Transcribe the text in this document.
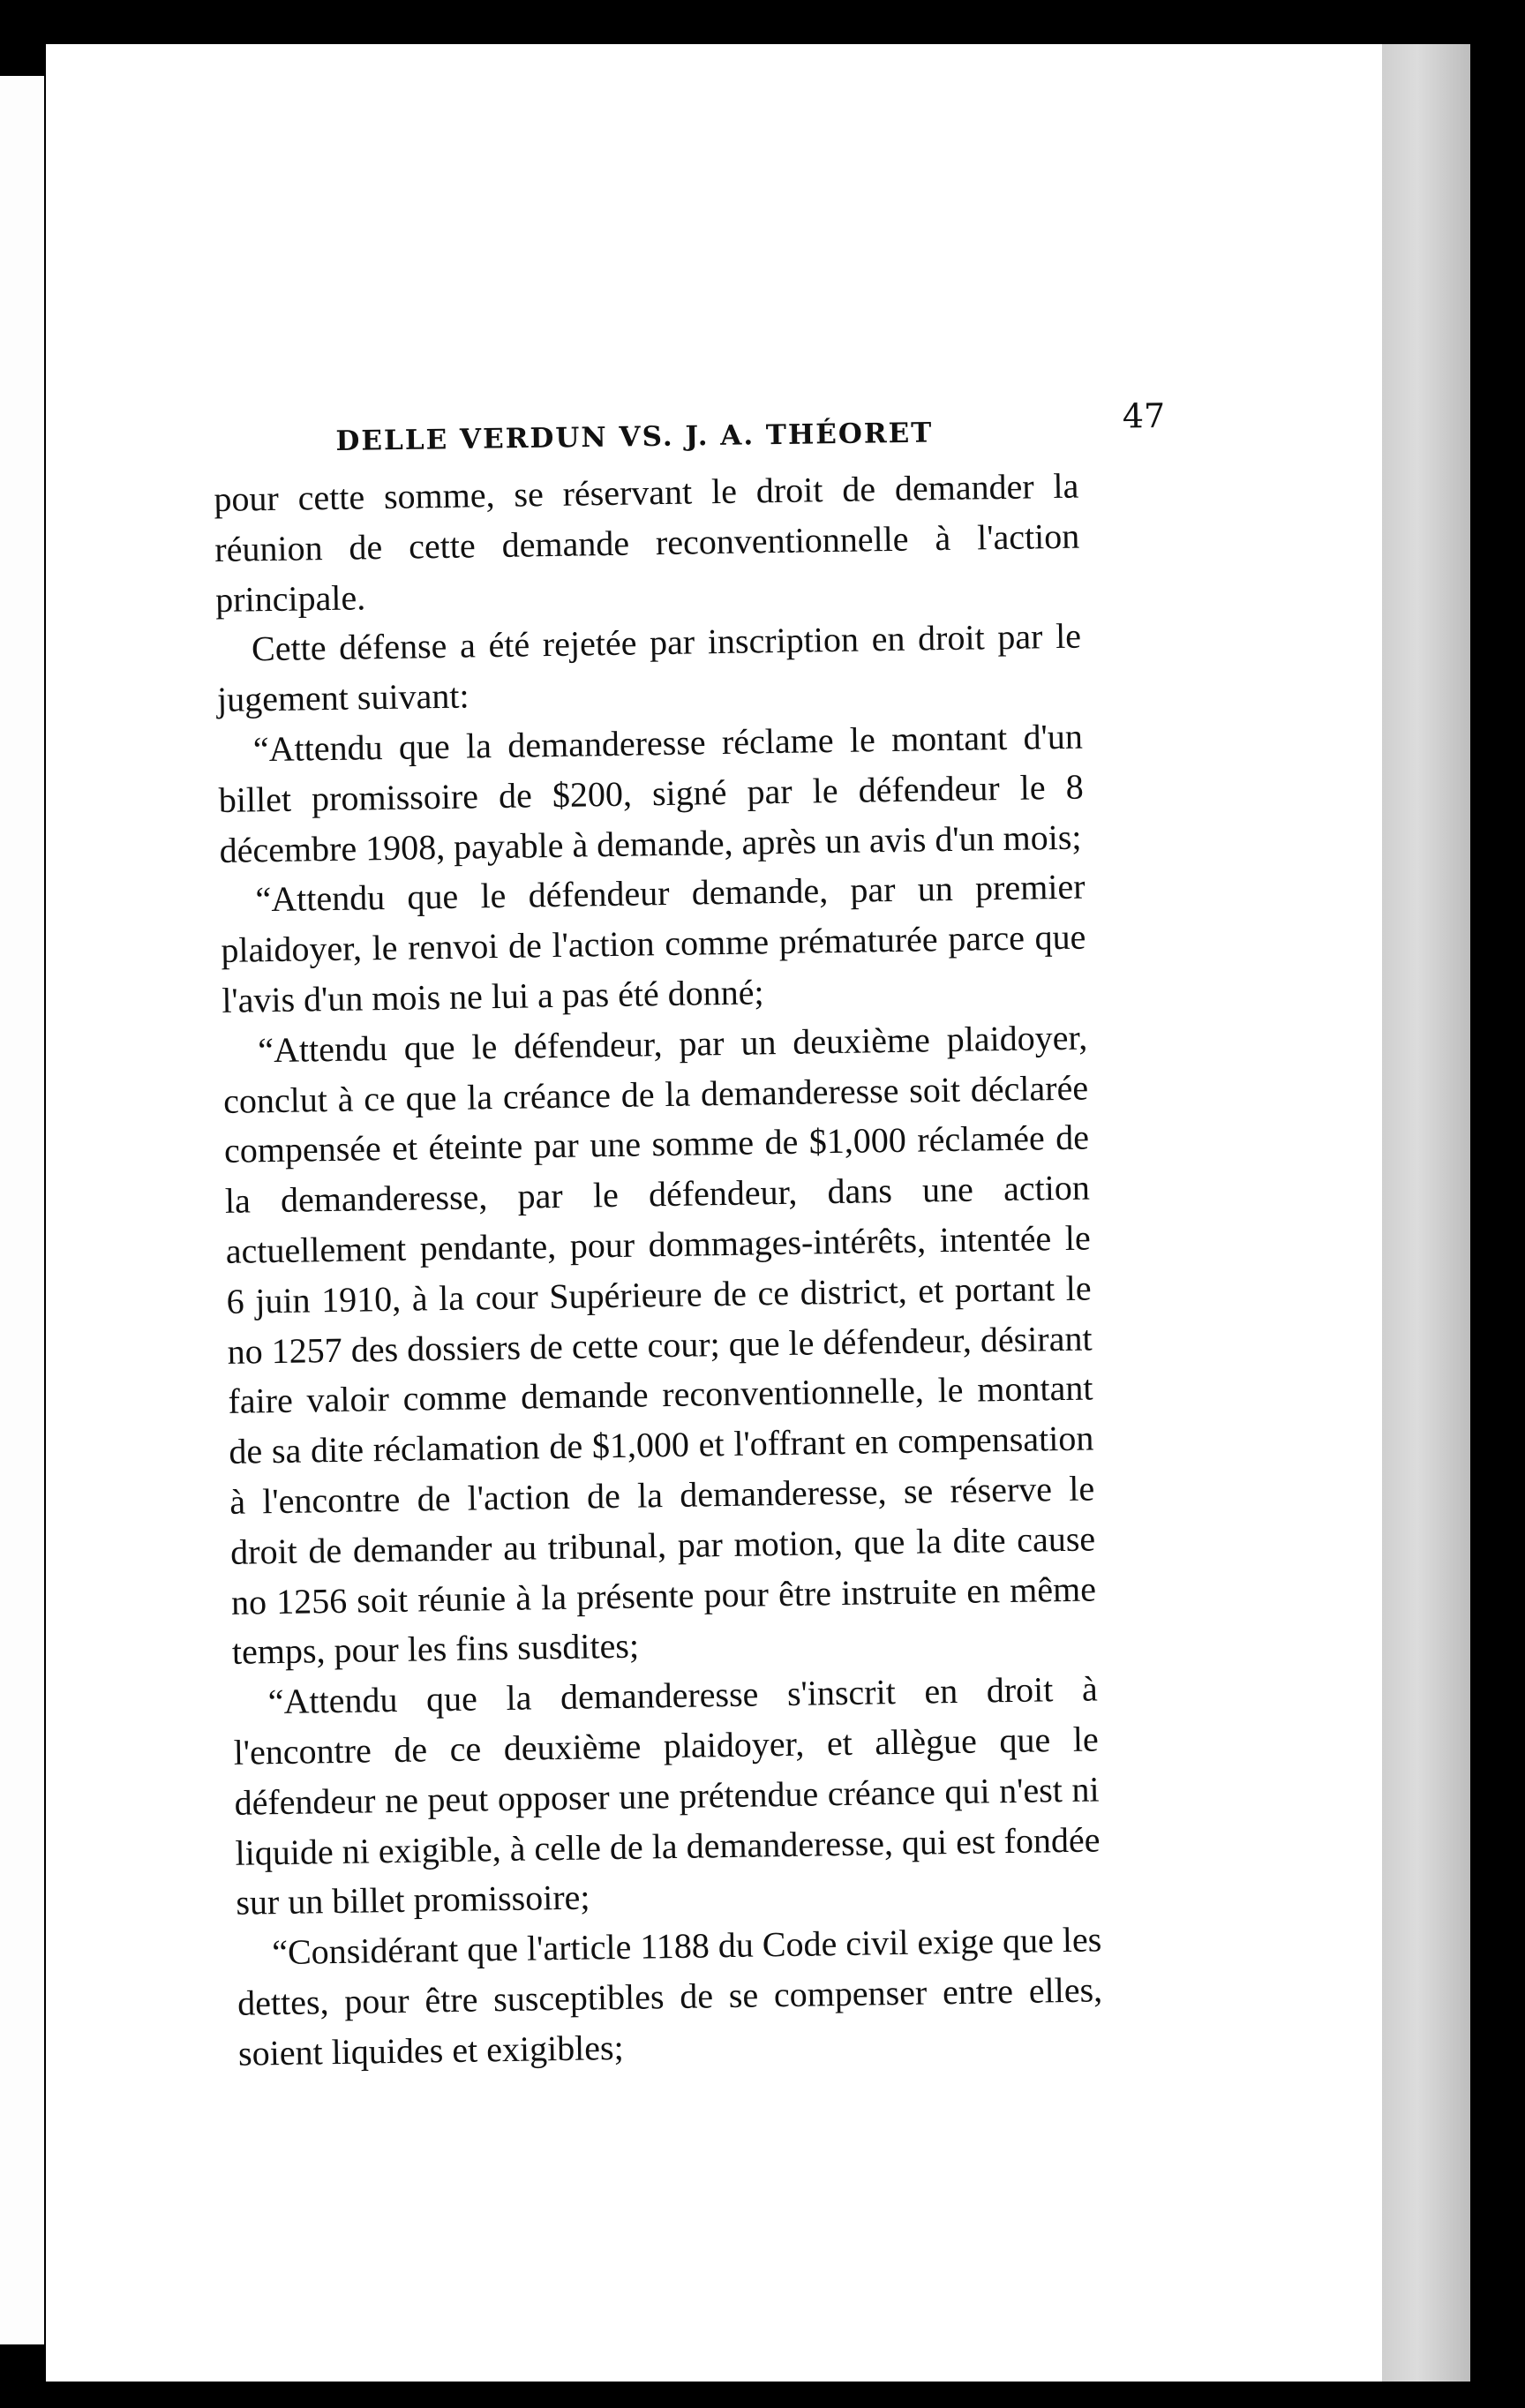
DELLE VERDUN VS. J. A. THÉORET
47

pour cette somme, se réservant le droit de demander la réunion de cette demande reconventionnelle à l'action principale.

Cette défense a été rejetée par inscription en droit par le jugement suivant:

“Attendu que la demanderesse réclame le montant d'un billet promissoire de $200, signé par le défendeur le 8 décembre 1908, payable à demande, après un avis d'un mois;

“Attendu que le défendeur demande, par un premier plaidoyer, le renvoi de l'action comme prématurée parce que l'avis d'un mois ne lui a pas été donné;

“Attendu que le défendeur, par un deuxième plaidoyer, conclut à ce que la créance de la demanderesse soit déclarée compensée et éteinte par une somme de $1,000 réclamée de la demanderesse, par le défendeur, dans une action actuellement pendante, pour dommages-intérêts, intentée le 6 juin 1910, à la cour Supérieure de ce district, et portant le no 1257 des dossiers de cette cour; que le défendeur, désirant faire valoir comme demande reconventionnelle, le montant de sa dite réclamation de $1,000 et l'offrant en compensation à l'encontre de l'action de la demanderesse, se réserve le droit de demander au tribunal, par motion, que la dite cause no 1256 soit réunie à la présente pour être instruite en même temps, pour les fins susdites;

“Attendu que la demanderesse s'inscrit en droit à l'encontre de ce deuxième plaidoyer, et allègue que le défendeur ne peut opposer une prétendue créance qui n'est ni liquide ni exigible, à celle de la demanderesse, qui est fondée sur un billet promissoire;

“Considérant que l'article 1188 du Code civil exige que les dettes, pour être susceptibles de se compenser entre elles, soient liquides et exigibles;
